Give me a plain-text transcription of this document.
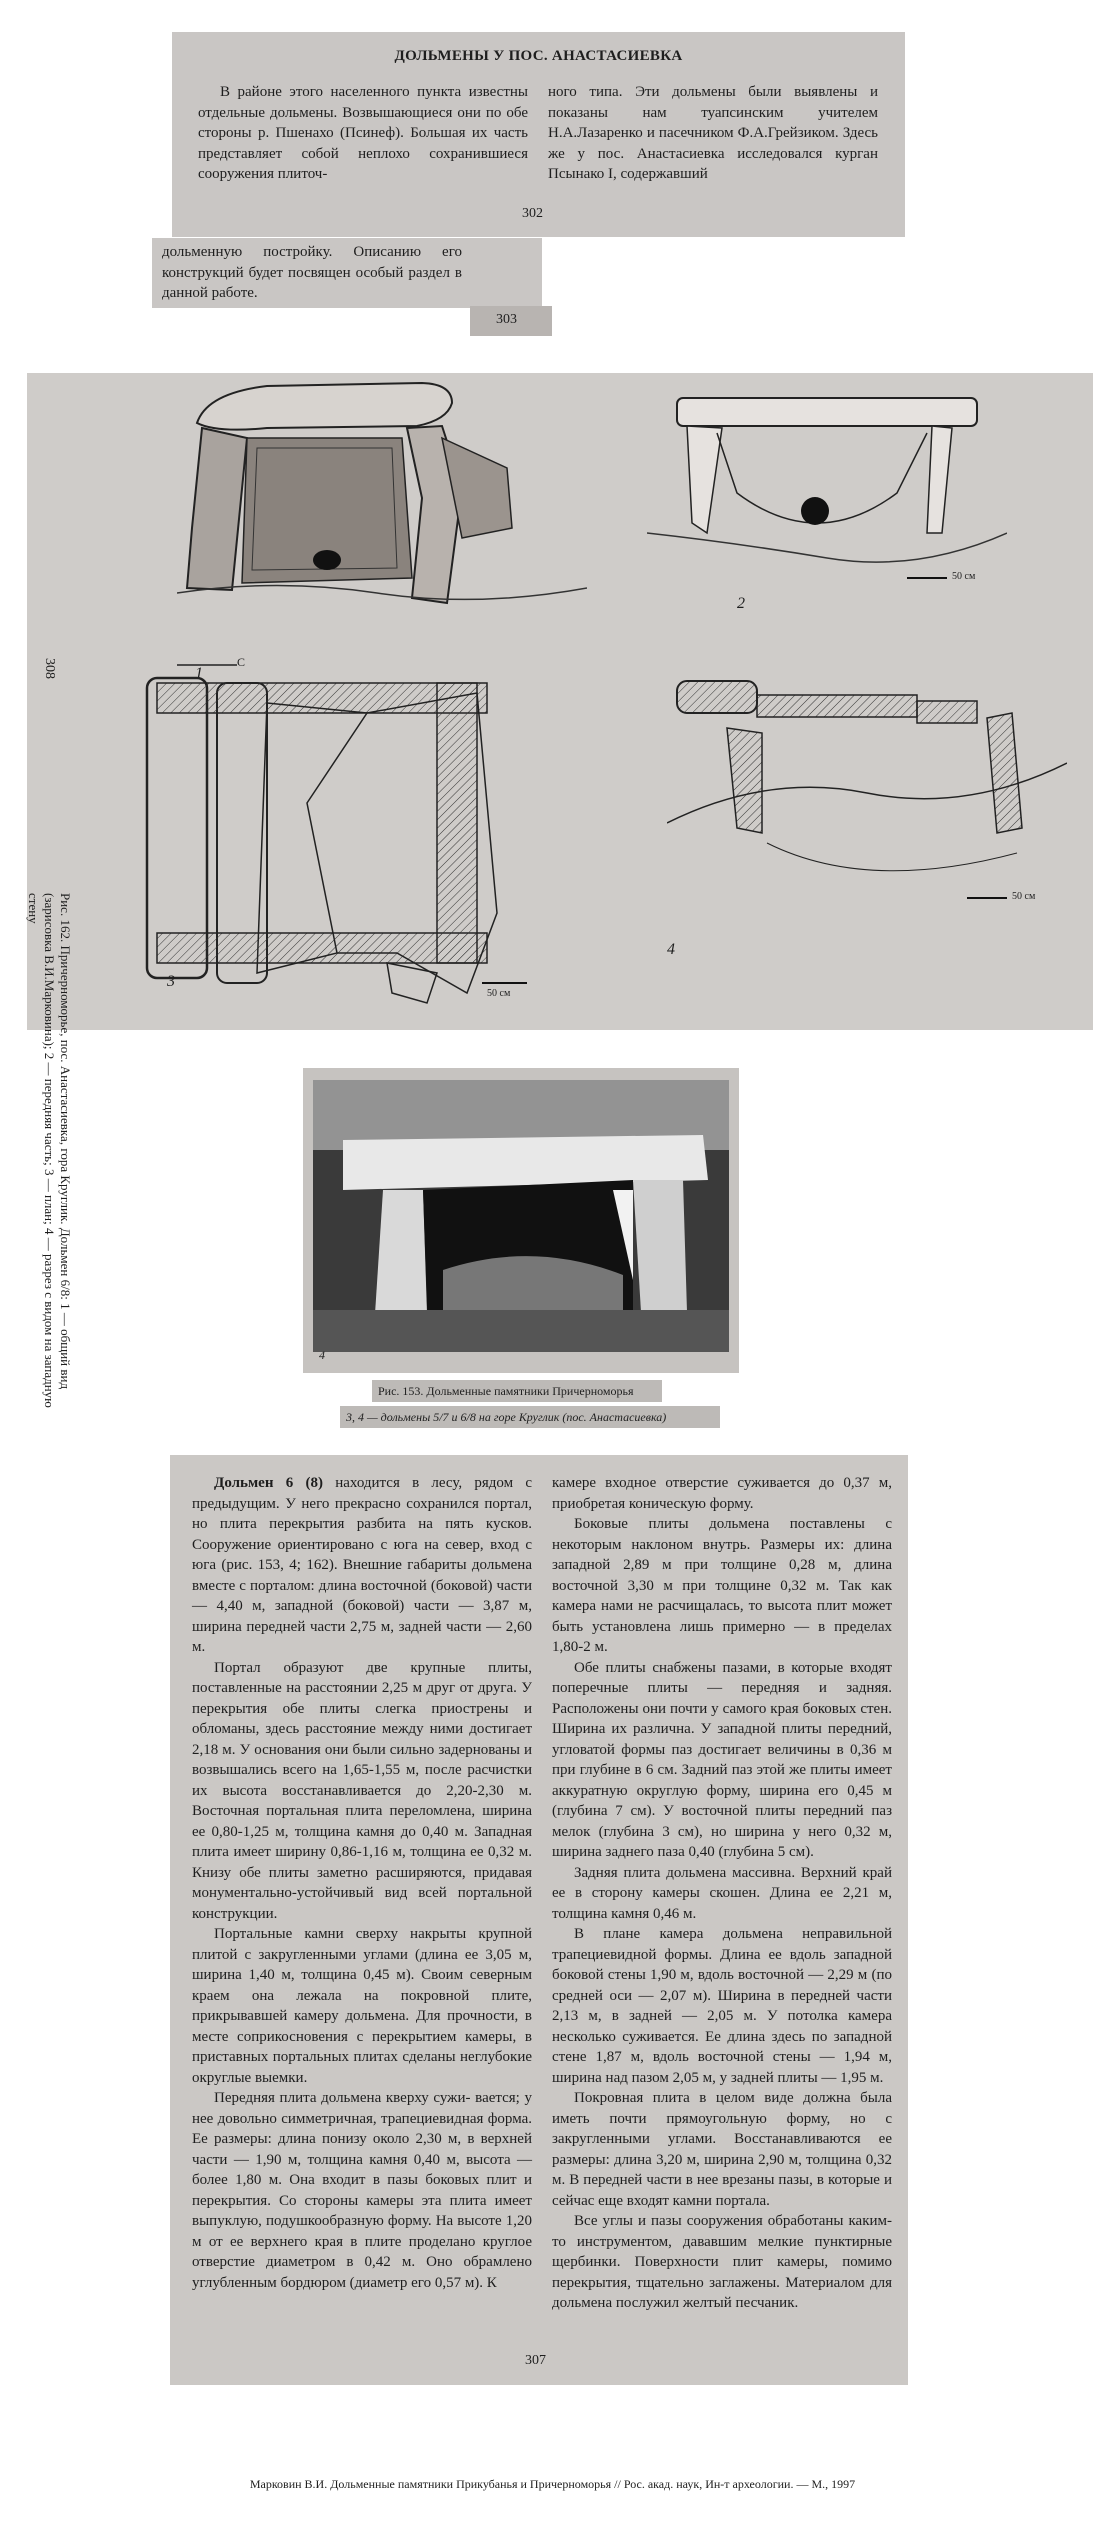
ДОЛЬМЕНЫ У ПОС. АНАСТАСИЕВКА

В районе этого населенного пункта известны отдельные дольмены. Возвышающиеся они по обе стороны р. Пшенахо (Псинеф). Большая их часть представляет собой неплохо сохранившиеся сооружения плиточ-

ного типа. Эти дольмены были выявлены и показаны нам туапсинским учителем Н.А.Лазаренко и пасечником Ф.А.Грейзиком. Здесь же у пос. Анастасиевка исследовался курган Псынако I, содержавший

302

дольменную постройку. Описанию его конструкций будет посвящен особый раздел в данной работе.

303
Рис. 162. Причерноморье, пос. Анастасиевка, гора Круглик. Дольмен 6/8: 1 — общий вид (зарисовка В.И.Марковина); 2 — передняя часть; 3 — план; 4 — разрез с видом на западную стену
308	1
2
50 см
С
3
50 см
4
50 см
4
Рис. 153. Дольменные памятники Причерноморья
3, 4 — дольмены 5/7 и 6/8 на горе Круглик (пос. Анастасиевка)

Дольмен 6 (8) находится в лесу, рядом с предыдущим. У него прекрасно сохранился портал, но плита перекрытия разбита на пять кусков. Сооружение ориентировано с юга на север, вход с юга (рис. 153, 4; 162). Внешние габариты дольмена вместе с порталом: длина восточной (боковой) части — 4,40 м, западной (боковой) части — 3,87 м, ширина передней части 2,75 м, задней части — 2,60 м.

Портал образуют две крупные плиты, поставленные на расстоянии 2,25 м друг от друга. У перекрытия обе плиты слегка приострены и обломаны, здесь расстояние между ними достигает 2,18 м. У основания они были сильно задернованы и возвышались всего на 1,65-1,55 м, после расчистки их высота восстанавливается до 2,20-2,30 м. Восточная портальная плита переломлена, ширина ее 0,80-1,25 м, толщина камня до 0,40 м. Западная плита имеет ширину 0,86-1,16 м, толщина ее 0,32 м. Книзу обе плиты заметно расширяются, придавая монументально-устойчивый вид всей портальной конструкции.

Портальные камни сверху накрыты крупной плитой с закругленными углами (длина ее 3,05 м, ширина 1,40 м, толщина 0,45 м). Своим северным краем она лежала на покровной плите, прикрывавшей камеру дольмена. Для прочности, в месте соприкосновения с перекрытием камеры, в приставных портальных плитах сделаны неглубокие округлые выемки.

Передняя плита дольмена кверху сужи- вается; у нее довольно симметричная, трапециевидная форма. Ее размеры: длина понизу около 2,30 м, в верхней части — 1,90 м, толщина камня 0,40 м, высота — более 1,80 м. Она входит в пазы боковых плит и перекрытия. Со стороны камеры эта плита имеет выпуклую, подушкообразную форму. На высоте 1,20 м от ее верхнего края в плите проделано круглое отверстие диаметром в 0,42 м. Оно обрамлено углубленным бордюром (диаметр его 0,57 м). К

камере входное отверстие суживается до 0,37 м, приобретая коническую форму.

Боковые плиты дольмена поставлены с некоторым наклоном внутрь. Размеры их: длина западной 2,89 м при толщине 0,28 м, длина восточной 3,30 м при толщине 0,32 м. Так как камера нами не расчищалась, то высота плит может быть установлена лишь примерно — в пределах 1,80-2 м.

Обе плиты снабжены пазами, в которые входят поперечные плиты — передняя и задняя. Расположены они почти у самого края боковых стен. Ширина их различна. У западной плиты передний, угловатой формы паз достигает величины в 0,36 м при глубине в 6 см. Задний паз этой же плиты имеет аккуратную округлую форму, ширина его 0,45 м (глубина 7 см). У восточной плиты передний паз мелок (глубина 3 см), но ширина у него 0,32 м, ширина заднего паза 0,40 (глубина 5 см).

Задняя плита дольмена массивна. Верхний край ее в сторону камеры скошен. Длина ее 2,21 м, толщина камня 0,46 м.

В плане камера дольмена неправильной трапециевидной формы. Длина ее вдоль западной боковой стены 1,90 м, вдоль восточной — 2,29 м (по средней оси — 2,07 м). Ширина в передней части 2,13 м, в задней — 2,05 м. У потолка камера несколько суживается. Ее длина здесь по западной стене 1,87 м, вдоль восточной стены — 1,94 м, ширина над пазом 2,05 м, у задней плиты — 1,95 м.

Покровная плита в целом виде должна была иметь почти прямоугольную форму, но с закругленными углами. Восстанавливаются ее размеры: длина 3,20 м, ширина 2,90 м, толщина 0,32 м. В передней части в нее врезаны пазы, в которые и сейчас еще входят камни портала.

Все углы и пазы сооружения обработаны каким-то инструментом, дававшим мелкие пунктирные щербинки. Поверхности плит камеры, помимо перекрытия, тщательно заглажены. Материалом для дольмена послужил желтый песчаник.

307
Марковин В.И. Дольменные памятники Прикубанья и Причерноморья // Рос. акад. наук, Ин-т археологии. — М., 1997
